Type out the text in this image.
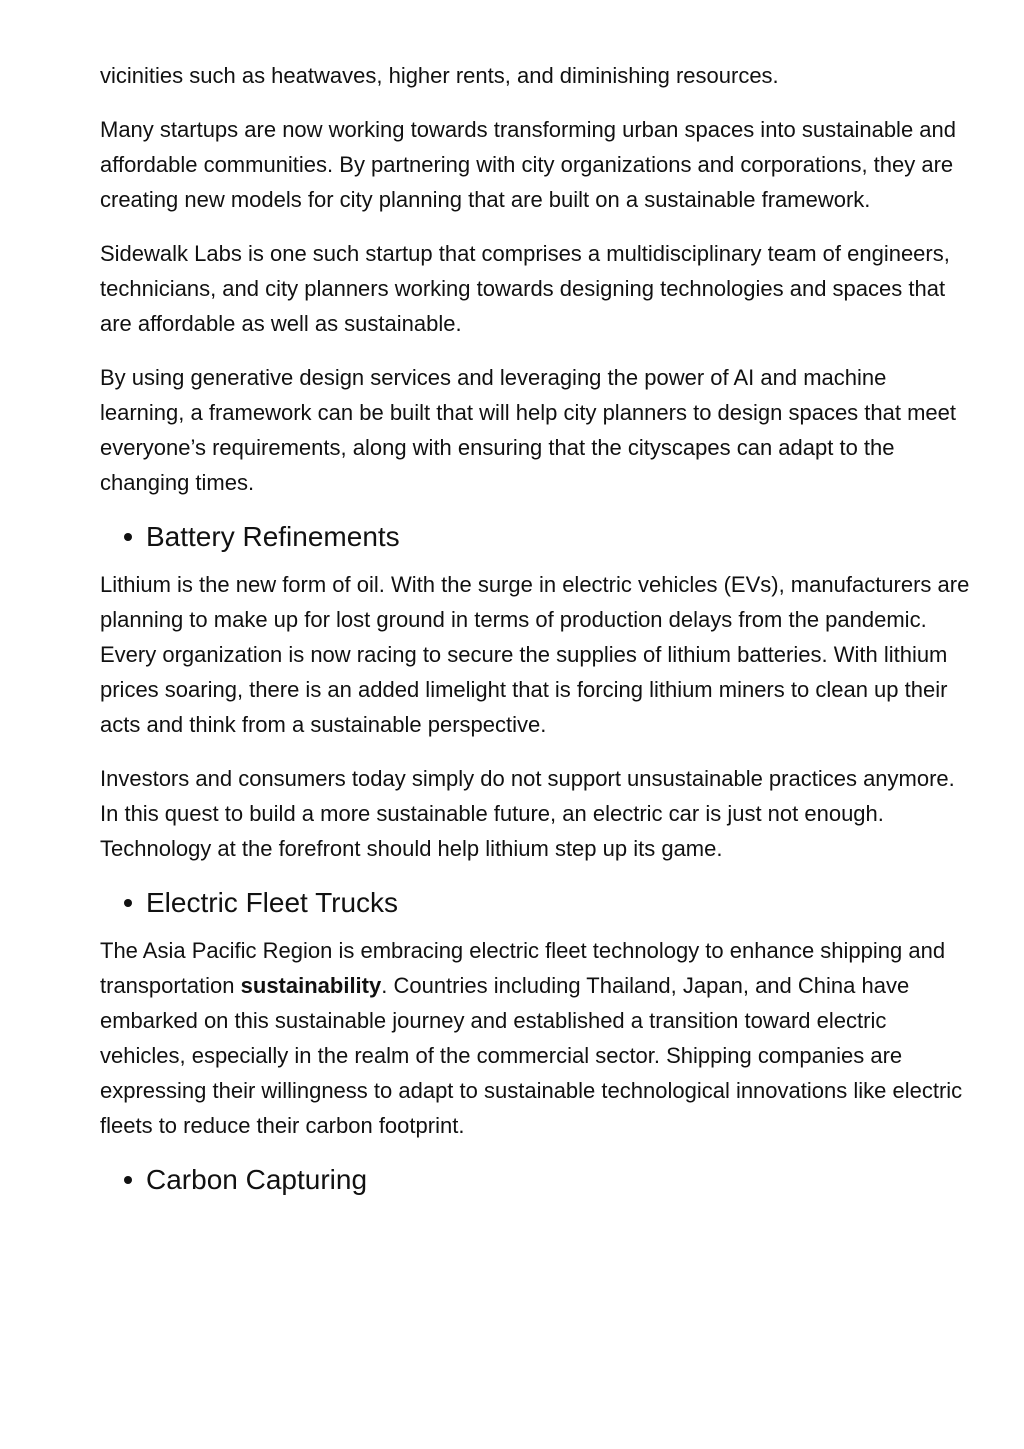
vicinities such as heatwaves, higher rents, and diminishing resources.

Many startups are now working towards transforming urban spaces into sustainable and affordable communities. By partnering with city organizations and corporations, they are creating new models for city planning that are built on a sustainable framework.

Sidewalk Labs is one such startup that comprises a multidisciplinary team of engineers, technicians, and city planners working towards designing technologies and spaces that are affordable as well as sustainable.

By using generative design services and leveraging the power of AI and machine learning, a framework can be built that will help city planners to design spaces that meet everyone’s requirements, along with ensuring that the cityscapes can adapt to the changing times.

Battery Refinements

Lithium is the new form of oil. With the surge in electric vehicles (EVs), manufacturers are planning to make up for lost ground in terms of production delays from the pandemic. Every organization is now racing to secure the supplies of lithium batteries. With lithium prices soaring, there is an added limelight that is forcing lithium miners to clean up their acts and think from a sustainable perspective.

Investors and consumers today simply do not support unsustainable practices anymore. In this quest to build a more sustainable future, an electric car is just not enough. Technology at the forefront should help lithium step up its game.

Electric Fleet Trucks

The Asia Pacific Region is embracing electric fleet technology to enhance shipping and transportation sustainability. Countries including Thailand, Japan, and China have embarked on this sustainable journey and established a transition toward electric vehicles, especially in the realm of the commercial sector. Shipping companies are expressing their willingness to adapt to sustainable technological innovations like electric fleets to reduce their carbon footprint.

Carbon Capturing
